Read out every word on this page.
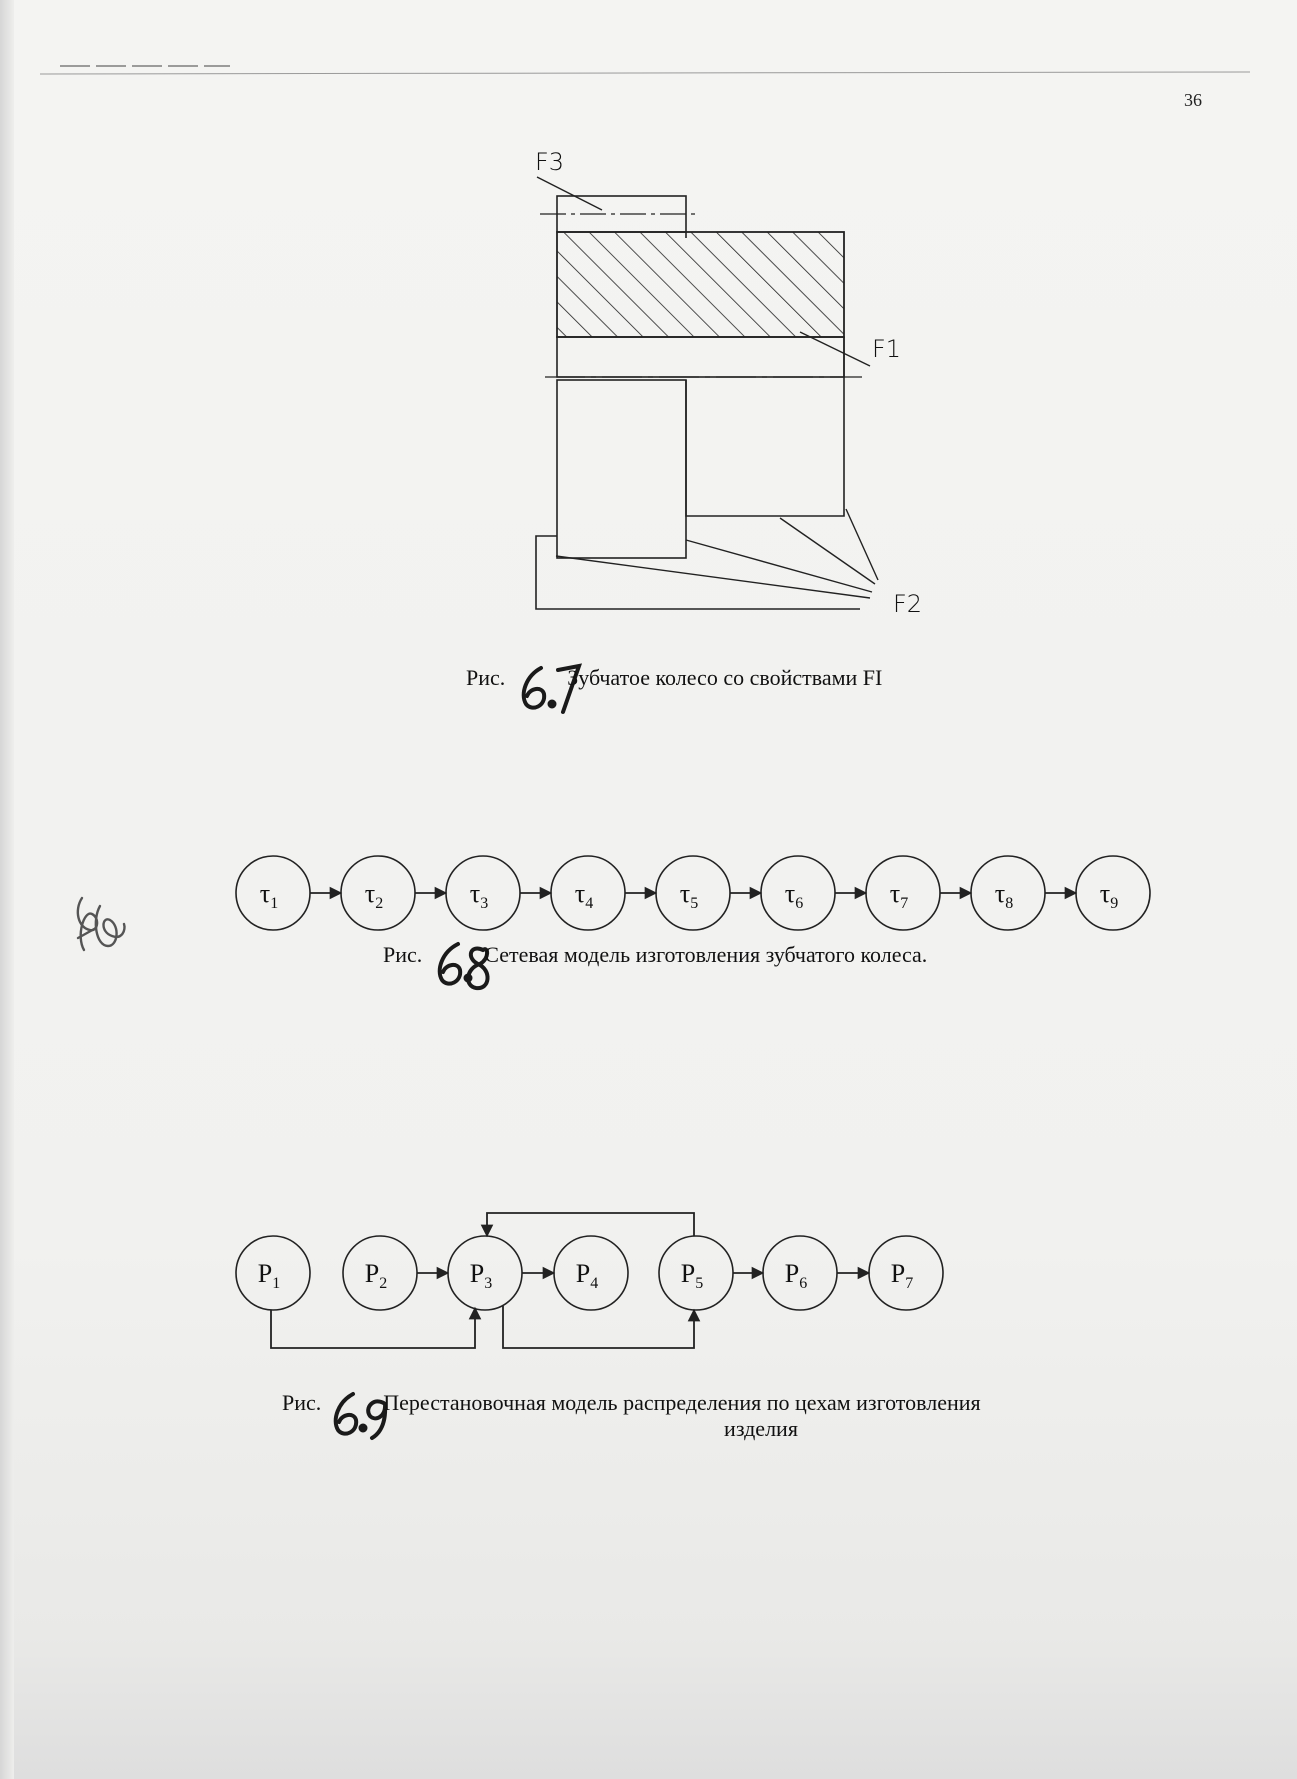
36
F3
F1
F2
$\tau_1$	$\tau_2$	$\tau_3$	$\tau_4$	$\tau_5$	$\tau_6$	$\tau_7$	$\tau_8$	$\tau_9$
$P_1$	$P_2$	$P_3$	$P_4$	$P_5$	$P_6$	$P_7$
Рис.	Зубчатое колесо со свойствами FI
Рис.	Сетевая модель изготовления зубчатого колеса.
Рис.	Перестановочная модель распределения по цехам изготовления
изделия
